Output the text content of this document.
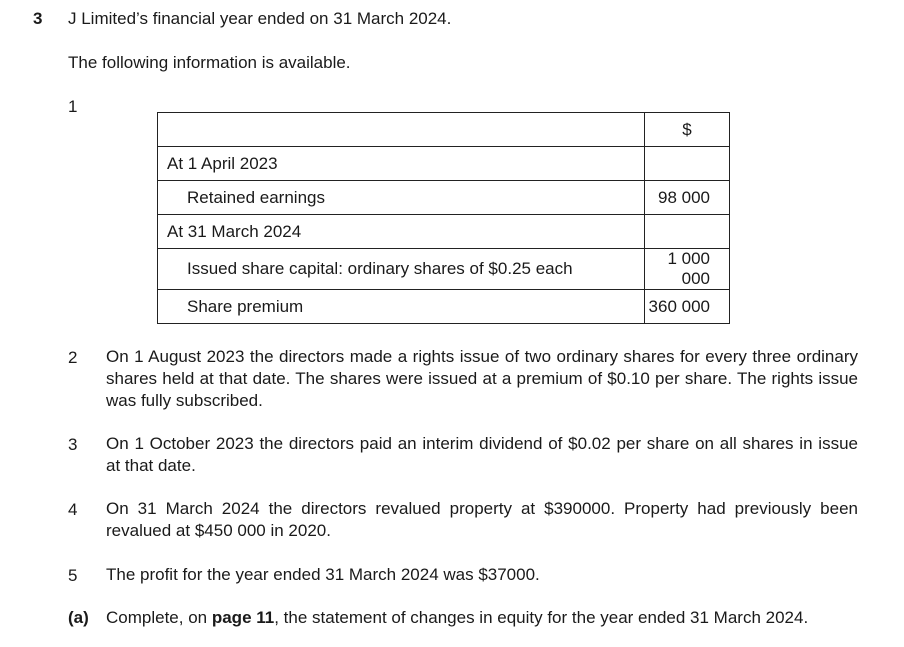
3 J Limited’s financial year ended on 31 March 2024.
The following information is available.
1
	$
At 1 April 2023	
Retained earnings	98 000
At 31 March 2024	
Issued share capital: ordinary shares of $0.25 each	1 000 000
Share premium	360 000
2 On 1 August 2023 the directors made a rights issue of two ordinary shares for every three ordinary shares held at that date. The shares were issued at a premium of $0.10 per share. The rights issue was fully subscribed.
3 On 1 October 2023 the directors paid an interim dividend of $0.02 per share on all shares in issue at that date.
4 On 31 March 2024 the directors revalued property at $390000. Property had previously been revalued at $450 000 in 2020.
5 The profit for the year ended 31 March 2024 was $37000.
(a) Complete, on page 11, the statement of changes in equity for the year ended 31 March 2024.
